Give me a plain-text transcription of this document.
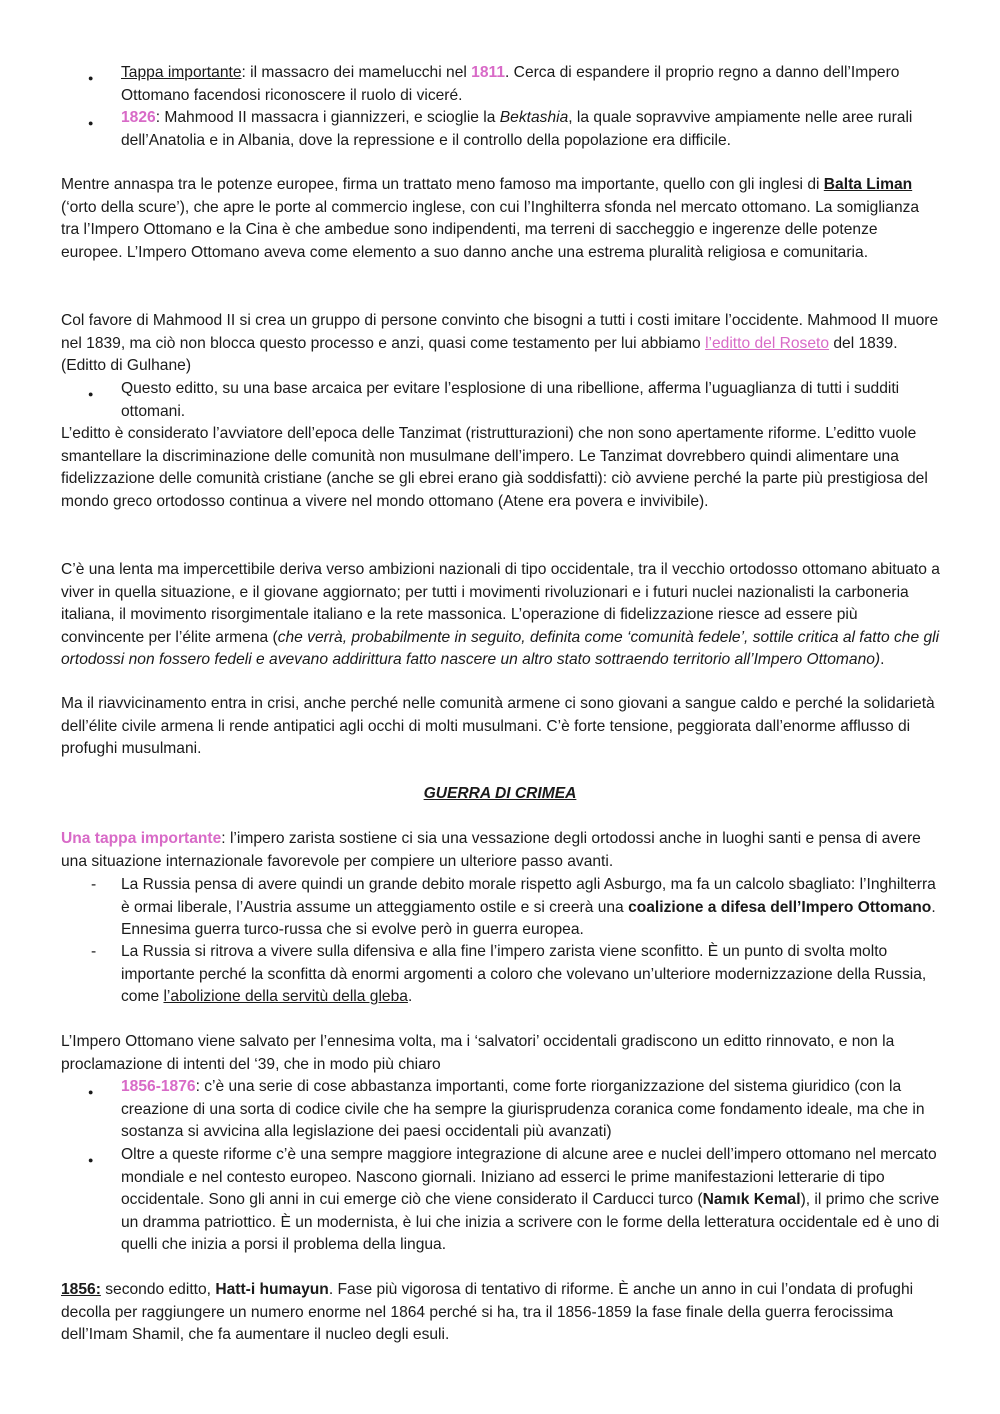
●

Tappa importante: il massacro dei mamelucchi nel 1811. Cerca di espandere il proprio regno a danno dell’Impero Ottomano facendosi riconoscere il ruolo di viceré.

●

1826: Mahmood II massacra i giannizzeri, e scioglie la Bektashia, la quale sopravvive ampiamente nelle aree rurali dell’Anatolia e in Albania, dove la repressione e il controllo della popolazione era difficile.

Mentre annaspa tra le potenze europee, firma un trattato meno famoso ma importante, quello con gli inglesi di Balta Liman (‘orto della scure’), che apre le porte al commercio inglese, con cui l’Inghilterra sfonda nel mercato ottomano. La somiglianza tra l’Impero Ottomano e la Cina è che ambedue sono indipendenti, ma terreni di saccheggio e ingerenze delle potenze europee. L’Impero Ottomano aveva come elemento a suo danno anche una estrema pluralità religiosa e comunitaria.

Col favore di Mahmood II si crea un gruppo di persone convinto che bisogni a tutti i costi imitare l’occidente. Mahmood II muore nel 1839, ma ciò non blocca questo processo e anzi, quasi come testamento per lui abbiamo l’editto del Roseto del 1839. (Editto di Gulhane)

●

Questo editto, su una base arcaica per evitare l’esplosione di una ribellione, afferma l’uguaglianza di tutti i sudditi ottomani.

L’editto è considerato l’avviatore dell’epoca delle Tanzimat (ristrutturazioni) che non sono apertamente riforme. L’editto vuole smantellare la discriminazione delle comunità non musulmane dell’impero. Le Tanzimat dovrebbero quindi alimentare una fidelizzazione delle comunità cristiane (anche se gli ebrei erano già soddisfatti): ciò avviene perché la parte più prestigiosa del mondo greco ortodosso continua a vivere nel mondo ottomano (Atene era povera e invivibile).

C’è una lenta ma impercettibile deriva verso ambizioni nazionali di tipo occidentale, tra il vecchio ortodosso ottomano abituato a viver in quella situazione, e il giovane aggiornato; per tutti i movimenti rivoluzionari e i futuri nuclei nazionalisti la carboneria italiana, il movimento risorgimentale italiano e la rete massonica. L’operazione di fidelizzazione riesce ad essere più convincente per l’élite armena (che verrà, probabilmente in seguito, definita come ‘comunità fedele’, sottile critica al fatto che gli ortodossi non fossero fedeli e avevano addirittura fatto nascere un altro stato sottraendo territorio all’Impero Ottomano).

Ma il riavvicinamento entra in crisi, anche perché nelle comunità armene ci sono giovani a sangue caldo e perché la solidarietà dell’élite civile armena li rende antipatici agli occhi di molti musulmani. C’è forte tensione, peggiorata dall’enorme afflusso di profughi musulmani.

GUERRA DI CRIMEA

Una tappa importante: l’impero zarista sostiene ci sia una vessazione degli ortodossi anche in luoghi santi e pensa di avere una situazione internazionale favorevole per compiere un ulteriore passo avanti.

- La Russia pensa di avere quindi un grande debito morale rispetto agli Asburgo, ma fa un calcolo sbagliato: l’Inghilterra è ormai liberale, l’Austria assume un atteggiamento ostile e si creerà una coalizione a difesa dell’Impero Ottomano. Ennesima guerra turco-russa che si evolve però in guerra europea.

- La Russia si ritrova a vivere sulla difensiva e alla fine l’impero zarista viene sconfitto. È un punto di svolta molto importante perché la sconfitta dà enormi argomenti a coloro che volevano un’ulteriore modernizzazione della Russia, come l’abolizione della servitù della gleba.

L’Impero Ottomano viene salvato per l’ennesima volta, ma i ‘salvatori’ occidentali gradiscono un editto rinnovato, e non la proclamazione di intenti del ‘39, che in modo più chiaro

●

1856-1876: c’è una serie di cose abbastanza importanti, come forte riorganizzazione del sistema giuridico (con la creazione di una sorta di codice civile che ha sempre la giurisprudenza coranica come fondamento ideale, ma che in sostanza si avvicina alla legislazione dei paesi occidentali più avanzati)

●

Oltre a queste riforme c’è una sempre maggiore integrazione di alcune aree e nuclei dell’impero ottomano nel mercato mondiale e nel contesto europeo. Nascono giornali. Iniziano ad esserci le prime manifestazioni letterarie di tipo occidentale. Sono gli anni in cui emerge ciò che viene considerato il Carducci turco (Namık Kemal), il primo che scrive un dramma patriottico. È un modernista, è lui che inizia a scrivere con le forme della letteratura occidentale ed è uno di quelli che inizia a porsi il problema della lingua.

1856: secondo editto, Hatt-i humayun. Fase più vigorosa di tentativo di riforme. È anche un anno in cui l’ondata di profughi decolla per raggiungere un numero enorme nel 1864 perché si ha, tra il 1856-1859 la fase finale della guerra ferocissima dell’Imam Shamil, che fa aumentare il nucleo degli esuli.
